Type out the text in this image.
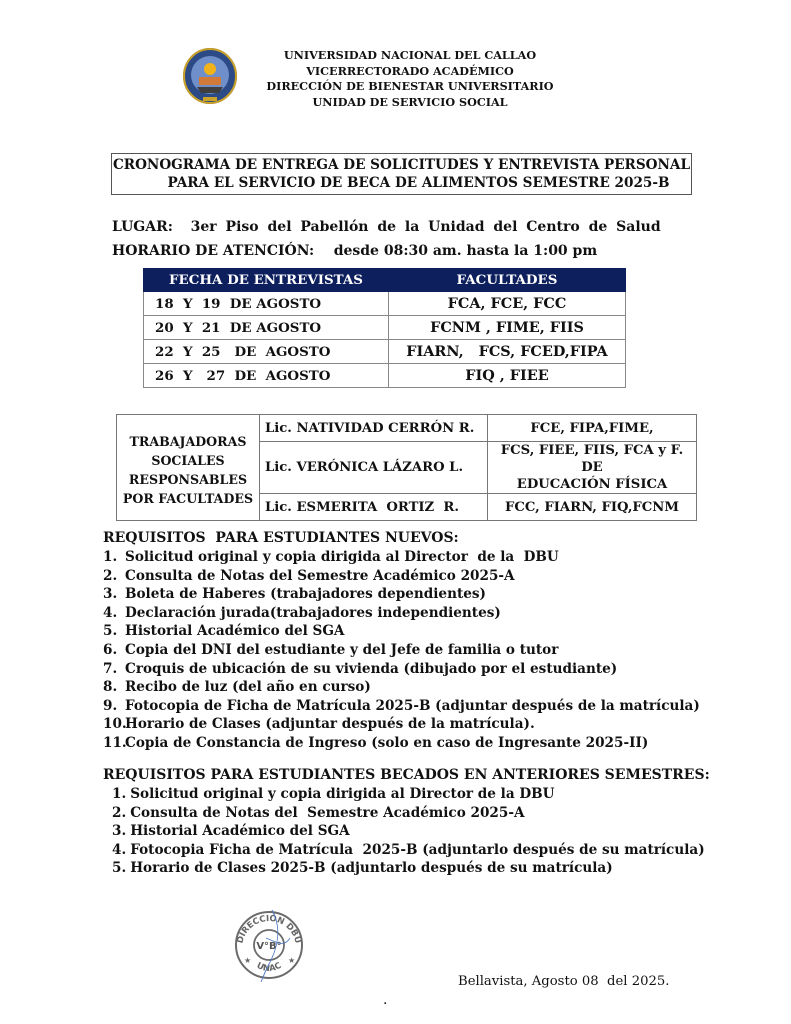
UNIVERSIDAD NACIONAL DEL CALLAO
VICERRECTORADO ACADÉMICO
DIRECCIÓN DE BIENESTAR UNIVERSITARIO
UNIDAD DE SERVICIO SOCIAL
CRONOGRAMA DE ENTREGA DE SOLICITUDES Y ENTREVISTA PERSONAL
PARA EL SERVICIO DE BECA DE ALIMENTOS SEMESTRE 2025-B
LUGAR:  3er Piso del Pabellón de la Unidad del Centro de Salud
HORARIO DE ATENCIÓN:    desde 08:30 am. hasta la 1:00 pm
FECHA DE ENTREVISTAS	FACULTADES
18  Y  19  DE AGOSTO	FCA, FCE, FCC
20  Y  21  DE AGOSTO	FCNM , FIME, FIIS
22  Y  25   DE  AGOSTO	FIARN,   FCS, FCED,FIPA
26  Y   27  DE  AGOSTO	FIQ , FIEE
TRABAJADORAS
SOCIALES
RESPONSABLES
POR FACULTADES	Lic. NATIVIDAD CERRÓN R.	FCE, FIPA,FIME,
	Lic. VERÓNICA LÁZARO L.	FCS, FIEE, FIIS, FCA y F. DE
EDUCACIÓN FÍSICA
	Lic. ESMERITA  ORTIZ  R.	FCC, FIARN, FIQ,FCNM
REQUISITOS  PARA ESTUDIANTES NUEVOS:
1. Solicitud original y copia dirigida al Director  de la  DBU
2. Consulta de Notas del Semestre Académico 2025-A
3. Boleta de Haberes (trabajadores dependientes)
4. Declaración jurada(trabajadores independientes)
5. Historial Académico del SGA
6. Copia del DNI del estudiante y del Jefe de familia o tutor
7. Croquis de ubicación de su vivienda (dibujado por el estudiante)
8. Recibo de luz (del año en curso)
9. Fotocopia de Ficha de Matrícula 2025-B (adjuntar después de la matrícula)
10.Horario de Clases (adjuntar después de la matrícula).
11.Copia de Constancia de Ingreso (solo en caso de Ingresante 2025-II)
REQUISITOS PARA ESTUDIANTES BECADOS EN ANTERIORES SEMESTRES:
1. Solicitud original y copia dirigida al Director de la DBU
2. Consulta de Notas del  Semestre Académico 2025-A
3. Historial Académico del SGA
4. Fotocopia Ficha de Matrícula  2025-B (adjuntarlo después de su matrícula)
5. Horario de Clases 2025-B (adjuntarlo después de su matrícula)
DIRECCIÓN DBU
UNAC
V°B°
★	★
Bellavista, Agosto 08  del 2025.
.
